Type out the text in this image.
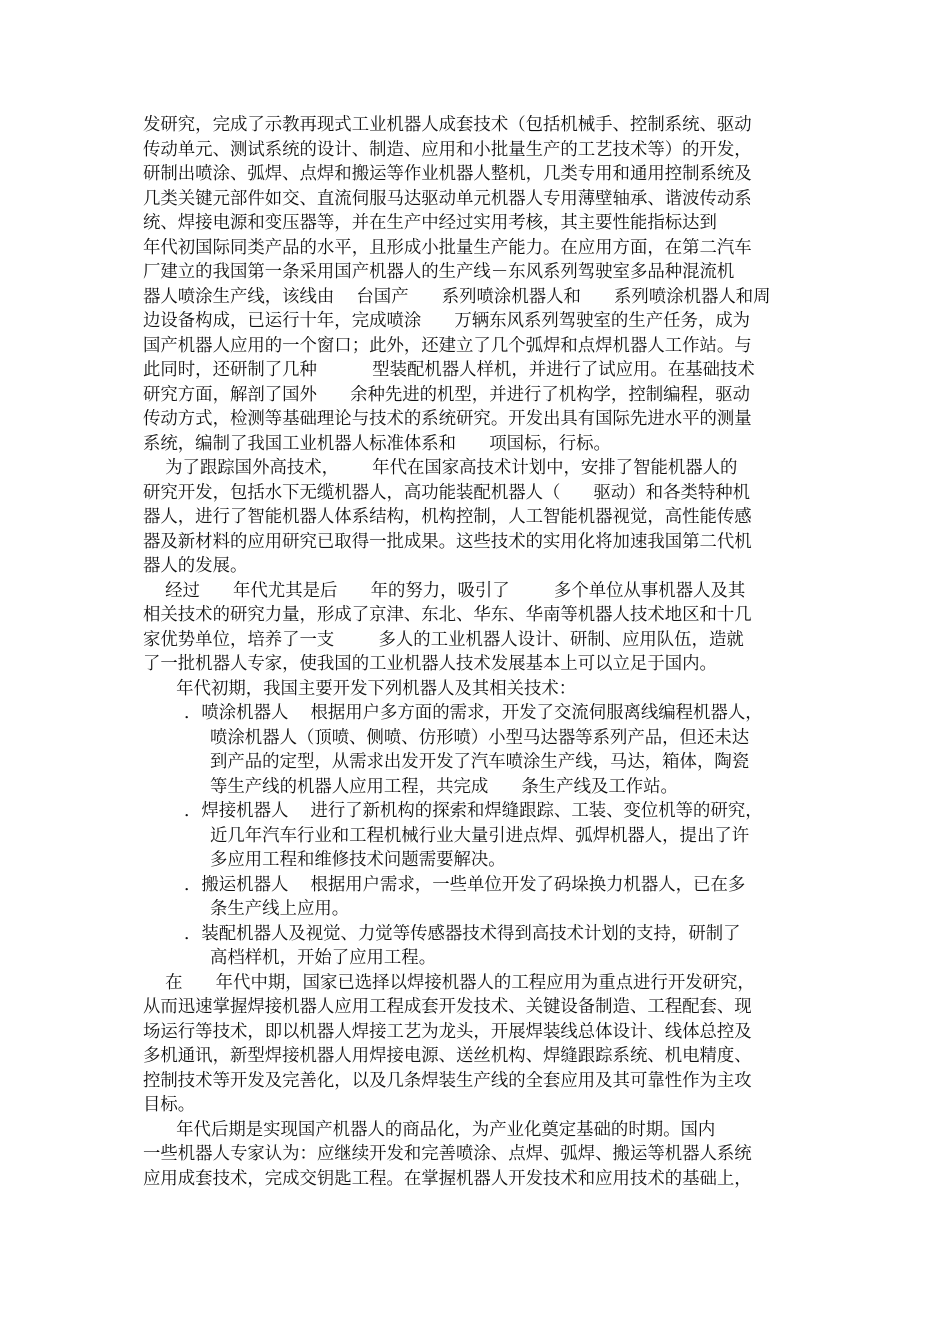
发研究，完成了示教再现式工业机器人成套技术（包括机械手、控制系统、驱动
传动单元、测试系统的设计、制造、应用和小批量生产的工艺技术等）的开发，
研制出喷涂、弧焊、点焊和搬运等作业机器人整机，几类专用和通用控制系统及
几类关键元部件如交、直流伺服马达驱动单元机器人专用薄壁轴承、谐波传动系
统、焊接电源和变压器等，并在生产中经过实用考核，其主要性能指标达到
年代初国际同类产品的水平，且形成小批量生产能力。在应用方面，在第二汽车
厂建立的我国第一条采用国产机器人的生产线－东风系列驾驶室多品种混流机
器人喷涂生产线，该线由    台国产      系列喷涂机器人和      系列喷涂机器人和周
边设备构成，已运行十年，完成喷涂      万辆东风系列驾驶室的生产任务，成为
国产机器人应用的一个窗口；此外，还建立了几个弧焊和点焊机器人工作站。与
此同时，还研制了几种          型装配机器人样机，并进行了试应用。在基础技术
研究方面，解剖了国外      余种先进的机型，并进行了机构学，控制编程，驱动
传动方式，检测等基础理论与技术的系统研究。开发出具有国际先进水平的测量
系统，编制了我国工业机器人标准体系和      项国标，行标。
为了跟踪国外高技术，      年代在国家高技术计划中，安排了智能机器人的
研究开发，包括水下无缆机器人，高功能装配机器人（      驱动）和各类特种机
器人，进行了智能机器人体系结构，机构控制，人工智能机器视觉，高性能传感
器及新材料的应用研究已取得一批成果。这些技术的实用化将加速我国第二代机
器人的发展。
经过      年代尤其是后      年的努力，吸引了        多个单位从事机器人及其
相关技术的研究力量，形成了京津、东北、华东、华南等机器人技术地区和十几
家优势单位，培养了一支        多人的工业机器人设计、研制、应用队伍，造就
了一批机器人专家，使我国的工业机器人技术发展基本上可以立足于国内。
年代初期，我国主要开发下列机器人及其相关技术：
．喷涂机器人    根据用户多方面的需求，开发了交流伺服离线编程机器人，
喷涂机器人（顶喷、侧喷、仿形喷）小型马达器等系列产品，但还未达
到产品的定型，从需求出发开发了汽车喷涂生产线，马达，箱体，陶瓷
等生产线的机器人应用工程，共完成      条生产线及工作站。
．焊接机器人    进行了新机构的探索和焊缝跟踪、工装、变位机等的研究，
近几年汽车行业和工程机械行业大量引进点焊、弧焊机器人，提出了许
多应用工程和维修技术问题需要解决。
．搬运机器人    根据用户需求，一些单位开发了码垛换力机器人，已在多
条生产线上应用。
．装配机器人及视觉、力觉等传感器技术得到高技术计划的支持，研制了
高档样机，开始了应用工程。
在      年代中期，国家已选择以焊接机器人的工程应用为重点进行开发研究，
从而迅速掌握焊接机器人应用工程成套开发技术、关键设备制造、工程配套、现
场运行等技术，即以机器人焊接工艺为龙头，开展焊装线总体设计、线体总控及
多机通讯，新型焊接机器人用焊接电源、送丝机构、焊缝跟踪系统、机电精度、
控制技术等开发及完善化，以及几条焊装生产线的全套应用及其可靠性作为主攻
目标。
年代后期是实现国产机器人的商品化，为产业化奠定基础的时期。国内
一些机器人专家认为：应继续开发和完善喷涂、点焊、弧焊、搬运等机器人系统
应用成套技术，完成交钥匙工程。在掌握机器人开发技术和应用技术的基础上，
